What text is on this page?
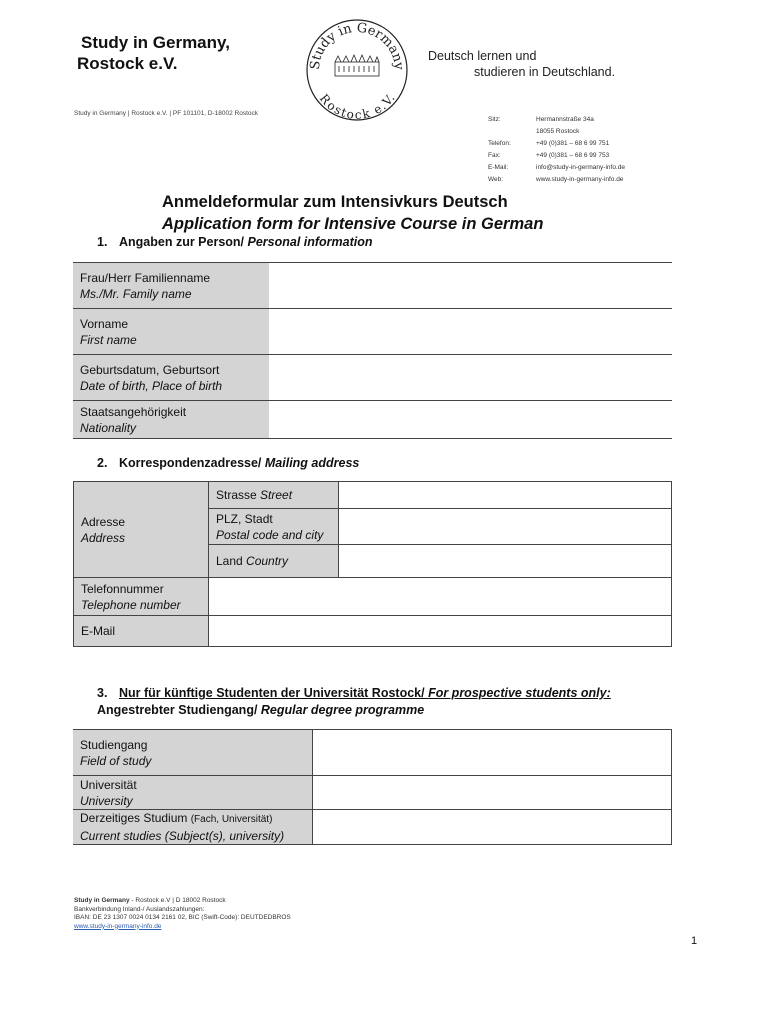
Study in Germany,
Rostock e.V.	Study in Germany
Rostock e.V.
Deutsch lernen und
studieren in Deutschland.
Study in Germany | Rostock e.V. | PF 101101, D-18002 Rostock
Sitz:	Hermannstraße 34a
	18055 Rostock
Telefon:	+49 (0)381 – 68 6 99 751
Fax:	+49 (0)381 – 68 6 99 753
E-Mail:	info@study-in-germany-info.de
Web:	www.study-in-germany-info.de
Anmeldeformular zum Intensivkurs Deutsch
Application form for Intensive Course in German
1. Angaben zur Person/ Personal information
Frau/Herr Familienname
Ms./Mr. Family name	

Vorname
First name	

Geburtsdatum, Geburtsort
Date of birth, Place of birth	

Staatsangehörigkeit
Nationality	

2. Korrespondenzadresse/ Mailing address
Adresse
Address	Strasse Street	

	PLZ, Stadt
Postal code and city	

	Land Country	

Telefonnummer
Telephone number		

E-Mail		
3. Nur für künftige Studenten der Universität Rostock/ For prospective students only: Angestrebter Studiengang/ Regular degree programme
Studiengang
Field of study	

Universität
University	

Derzeitiges Studium (Fach, Universität)
Current studies (Subject(s), university)	

Study in Germany - Rostock e.V | D 18002 Rostock
Bankverbindung Inland-/ Auslandszahlungen:
IBAN: DE 23 1307 0024 0134 2161 02, BIC (Swift-Code): DEUTDEDBROS
www.study-in-germany-info.de
1
